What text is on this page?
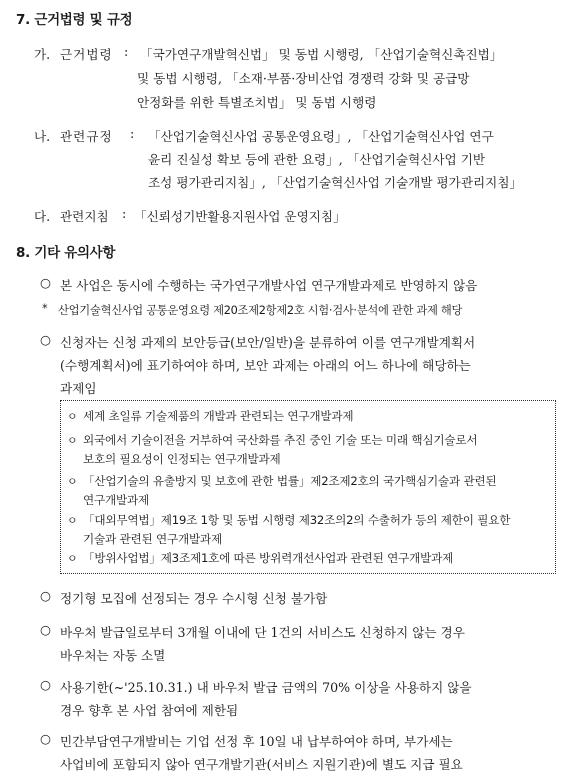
7. 근거법령 및 규정
가. 근거법령 : 「국가연구개발혁신법」 및 동법 시행령, 「산업기술혁신촉진법」
및 동법 시행령, 「소재·부품·장비산업 경쟁력 강화 및 공급망
안정화를 위한 특별조치법」 및 동법 시행령
나. 관련규정 : 「산업기술혁신사업 공통운영요령」, 「산업기술혁신사업 연구
윤리 진실성 확보 등에 관한 요령」, 「산업기술혁신사업 기반
조성 평가관리지침」, 「산업기술혁신사업 기술개발 평가관리지침」
다. 관련지침 : 「신뢰성기반활용지원사업 운영지침」
8. 기타 유의사항
○ 본 사업은 동시에 수행하는 국가연구개발사업 연구개발과제로 반영하지 않음
* 산업기술혁신사업 공통운영요령 제20조제2항제2호 시험·검사·분석에 관한 과제 해당
○ 신청자는 신청 과제의 보안등급(보안/일반)을 분류하여 이를 연구개발계획서
(수행계획서)에 표기하여야 하며, 보안 과제는 아래의 어느 하나에 해당하는
과제임
ㅇ 세계 초일류 기술제품의 개발과 관련되는 연구개발과제
ㅇ 외국에서 기술이전을 거부하여 국산화를 추진 중인 기술 또는 미래 핵심기술로서
보호의 필요성이 인정되는 연구개발과제
ㅇ 「산업기술의 유출방지 및 보호에 관한 법률」제2조제2호의 국가핵심기술과 관련된
연구개발과제
ㅇ 「대외무역법」제19조 1항 및 동법 시행령 제32조의2의 수출허가 등의 제한이 필요한
기술과 관련된 연구개발과제
ㅇ 「방위사업법」제3조제1호에 따른 방위력개선사업과 관련된 연구개발과제
○ 정기형 모집에 선정되는 경우 수시형 신청 불가함
○ 바우처 발급일로부터 3개월 이내에 단 1건의 서비스도 신청하지 않는 경우
바우처는 자동 소멸
○ 사용기한(~'25.10.31.) 내 바우처 발급 금액의 70% 이상을 사용하지 않을
경우 향후 본 사업 참여에 제한됨
○ 민간부담연구개발비는 기업 선정 후 10일 내 납부하여야 하며, 부가세는
사업비에 포함되지 않아 연구개발기관(서비스 지원기관)에 별도 지급 필요
